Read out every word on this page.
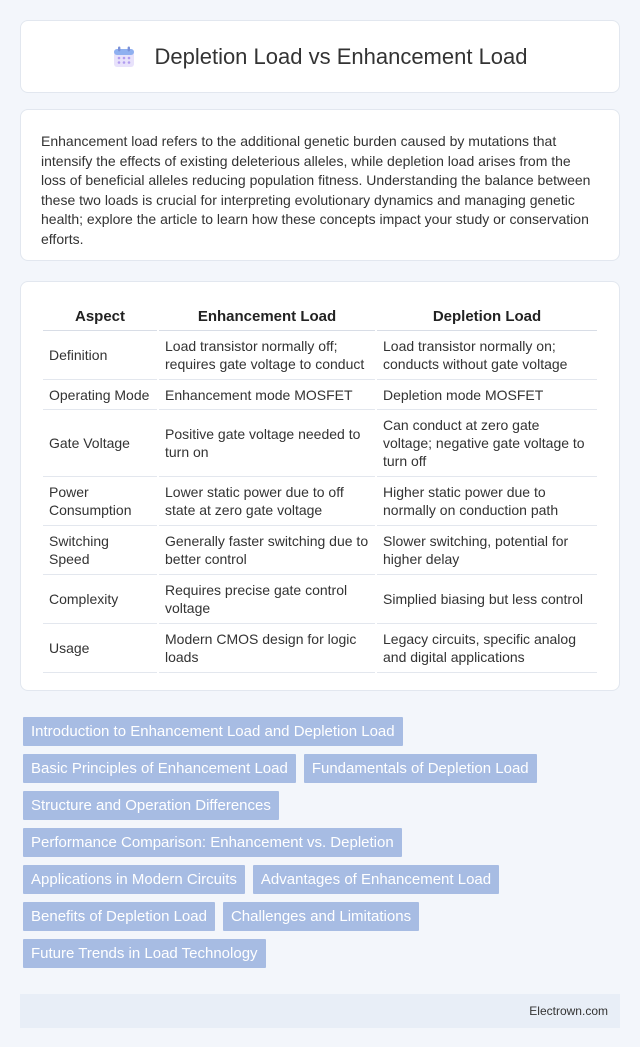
Depletion Load vs Enhancement Load

Enhancement load refers to the additional genetic burden caused by mutations that intensify the effects of existing deleterious alleles, while depletion load arises from the loss of beneficial alleles reducing population fitness. Understanding the balance between these two loads is crucial for interpreting evolutionary dynamics and managing genetic health; explore the article to learn how these concepts impact your study or conservation efforts.

Aspect	Enhancement Load	Depletion Load
Definition	Load transistor normally off; requires gate voltage to conduct	Load transistor normally on; conducts without gate voltage
Operating Mode	Enhancement mode MOSFET	Depletion mode MOSFET
Gate Voltage	Positive gate voltage needed to turn on	Can conduct at zero gate voltage; negative gate voltage to turn off
Power Consumption	Lower static power due to off state at zero gate voltage	Higher static power due to normally on conduction path
Switching Speed	Generally faster switching due to better control	Slower switching, potential for higher delay
Complexity	Requires precise gate control voltage	Simplied biasing but less control
Usage	Modern CMOS design for logic loads	Legacy circuits, specific analog and digital applications
Introduction to Enhancement Load and Depletion Load
Basic Principles of Enhancement Load	Fundamentals of Depletion Load
Structure and Operation Differences
Performance Comparison: Enhancement vs. Depletion
Applications in Modern Circuits	Advantages of Enhancement Load
Benefits of Depletion Load	Challenges and Limitations
Future Trends in Load Technology
Electrown.com
